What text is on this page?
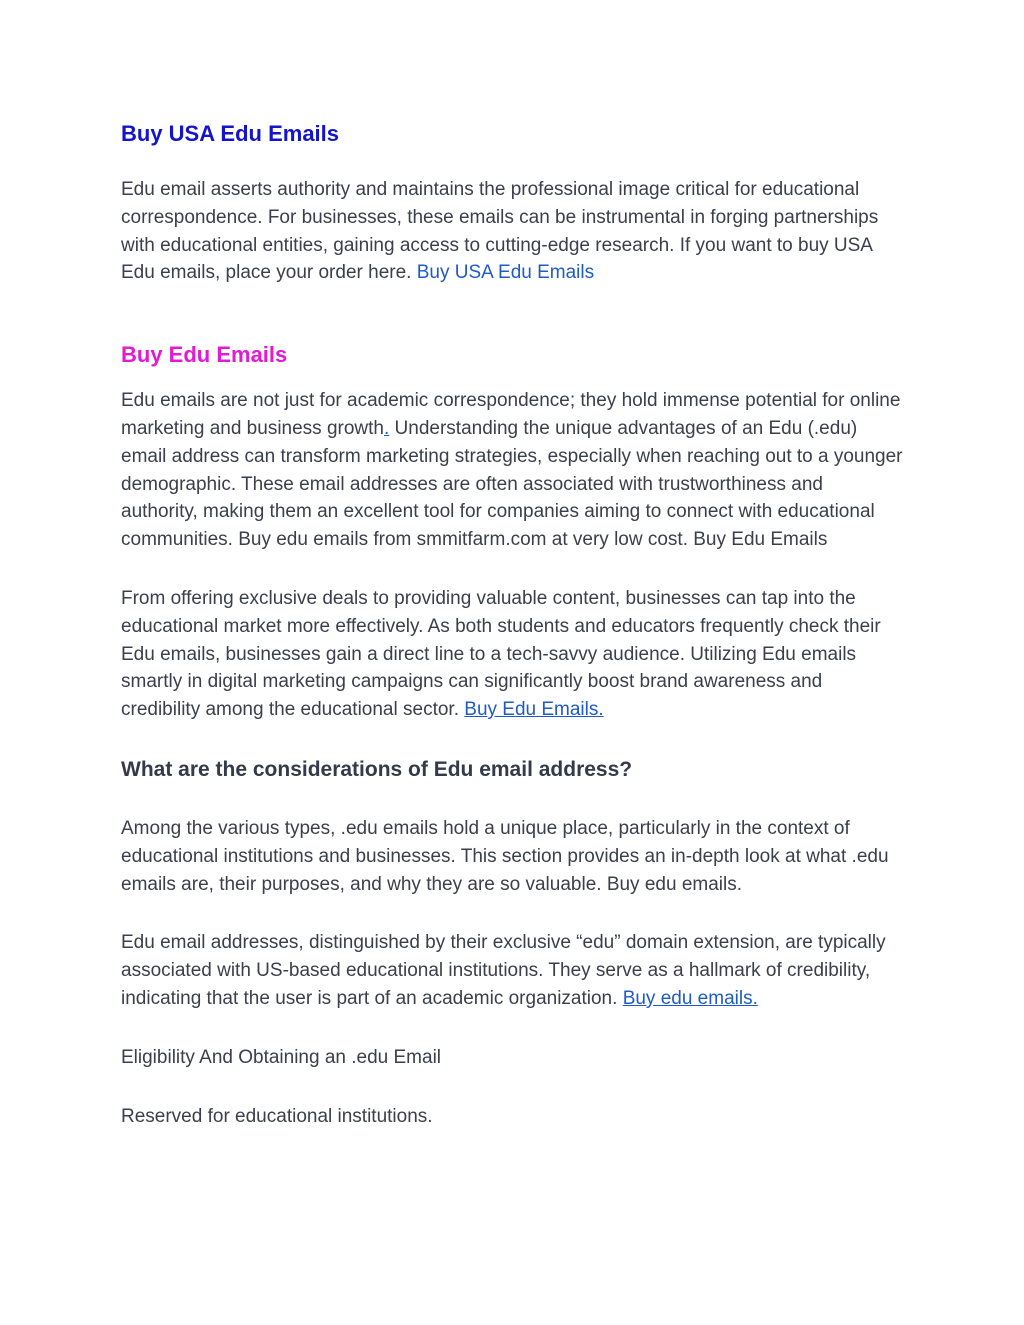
Buy USA Edu Emails

Edu email asserts authority and maintains the professional image critical for educational correspondence. For businesses, these emails can be instrumental in forging partnerships with educational entities, gaining access to cutting-edge research. If you want to buy USA Edu emails, place your order here. Buy USA Edu Emails

Buy Edu Emails

Edu emails are not just for academic correspondence; they hold immense potential for online marketing and business growth. Understanding the unique advantages of an Edu (.edu) email address can transform marketing strategies, especially when reaching out to a younger demographic. These email addresses are often associated with trustworthiness and authority, making them an excellent tool for companies aiming to connect with educational communities. Buy edu emails from smmitfarm.com at very low cost. Buy Edu Emails

From offering exclusive deals to providing valuable content, businesses can tap into the educational market more effectively. As both students and educators frequently check their Edu emails, businesses gain a direct line to a tech-savvy audience. Utilizing Edu emails smartly in digital marketing campaigns can significantly boost brand awareness and credibility among the educational sector. Buy Edu Emails.

What are the considerations of Edu email address?

Among the various types, .edu emails hold a unique place, particularly in the context of educational institutions and businesses. This section provides an in-depth look at what .edu emails are, their purposes, and why they are so valuable. Buy edu emails.

Edu email addresses, distinguished by their exclusive “edu” domain extension, are typically associated with US-based educational institutions. They serve as a hallmark of credibility, indicating that the user is part of an academic organization. Buy edu emails.

Eligibility And Obtaining an .edu Email

Reserved for educational institutions.
